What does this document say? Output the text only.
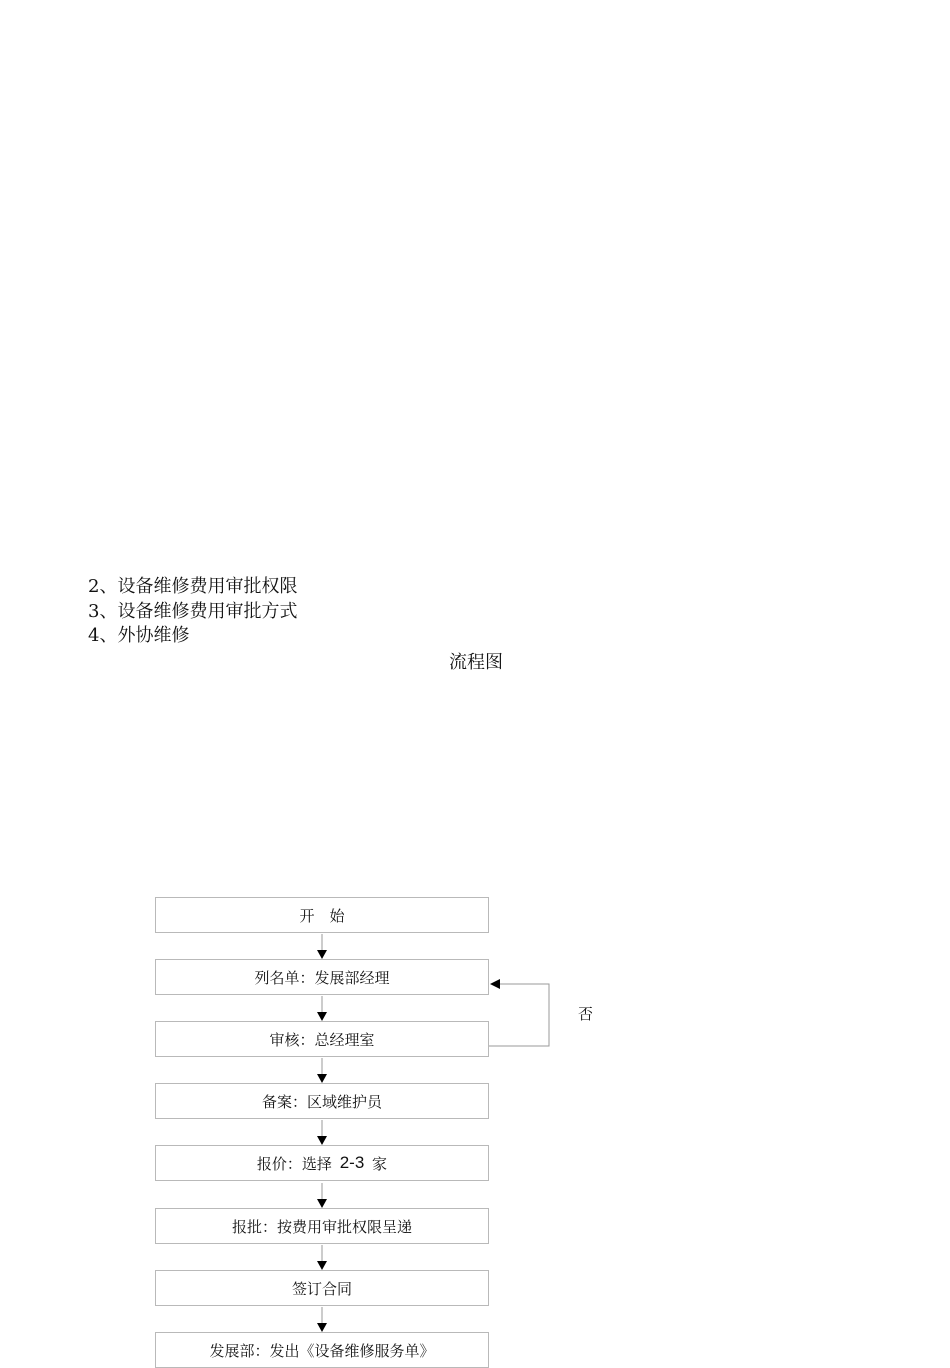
2、设备维修费用审批权限
3、设备维修费用审批方式
4、外协维修
流程图
开　始
列名单：发展部经理
审核：总经理室
备案：区域维护员
报价：选择 2-3 家
报批：按费用审批权限呈递
签订合同
发展部：发出《设备维修服务单》
否
